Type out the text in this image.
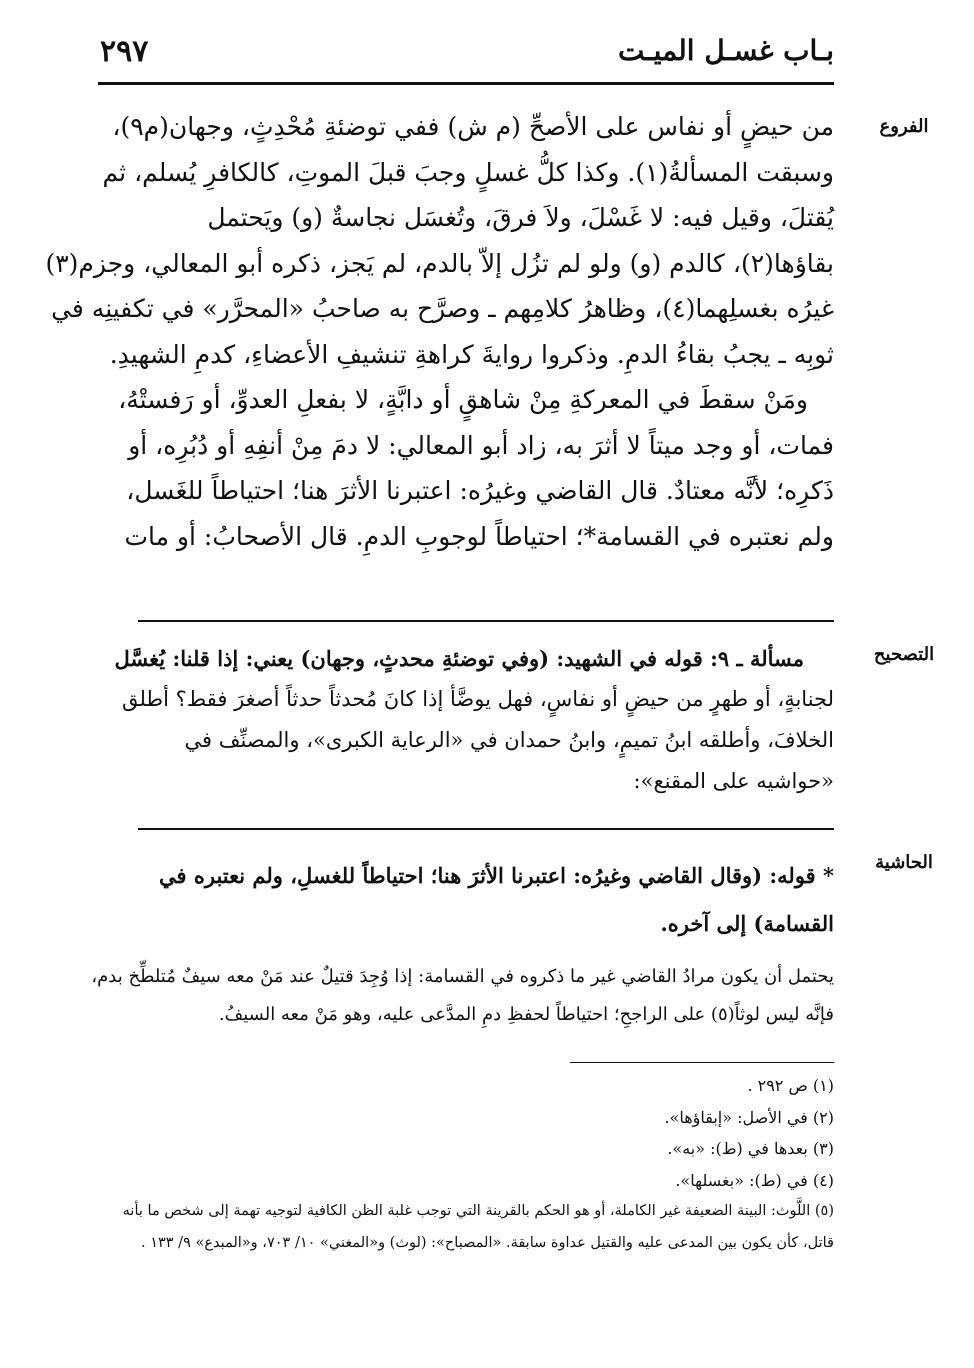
٢٩٧	بـاب غسـل الميـت
الفروع
من حيضٍ أو نفاس على الأصحِّ (م ش) ففي توضئةِ مُحْدِثٍ، وجهان(م٩)،
وسبقت المسألةُ(١). وكذا كلُّ غسلٍ وجبَ قبلَ الموتِ، كالكافرِ يُسلم، ثم
يُقتلَ، وقيل فيه: لا غَسْلَ، ولاَ فرقَ، وتُغسَل نجاسةٌ (و) ويَحتمل
بقاؤها(٢)، كالدم (و) ولو لم تزُل إلاّ بالدم، لم يَجز، ذكره أبو المعالي، وجزم(٣)
غيرُه بغسلِهما(٤)، وظاهرُ كلامِهم ـ وصرَّح به صاحبُ «المحرَّر» في تكفينِه في
ثوبِه ـ يجبُ بقاءُ الدمِ. وذكروا روايةَ كراهةِ تنشيفِ الأعضاءِ، كدمِ الشهيدِ.
ومَنْ سقطَ في المعركةِ مِنْ شاهقٍ أو دابَّةٍ، لا بفعلِ العدوِّ، أو رَفستْهُ،
فمات، أو وجد ميتاً لا أثرَ به، زاد أبو المعالي: لا دمَ مِنْ أنفِهِ أو دُبُرِه، أو
ذَكرِه؛ لأنَّه معتادٌ. قال القاضي وغيرُه: اعتبرنا الأثرَ هنا؛ احتياطاً للغَسل،
ولم نعتبره في القسامة*؛ احتياطاً لوجوبِ الدمِ. قال الأصحابُ: أو مات
التصحيح
مسألة ـ ٩: قوله في الشهيد: (وفي توضئةِ محدثٍ، وجهان) يعني: إذا قلنا: يُغسَّل
لجنابةٍ، أو طهرٍ من حيضٍ أو نفاسٍ، فهل يوضَّأ إذا كانَ مُحدثاً حدثاً أصغرَ فقط؟ أطلق
الخلافَ، وأطلقه ابنُ تميمٍ، وابنُ حمدان في «الرعاية الكبرى»، والمصنِّف في
«حواشيه على المقنع»:
الحاشية
* قوله: (وقال القاضي وغيرُه: اعتبرنا الأثرَ هنا؛ احتياطاً للغسلِ، ولم نعتبره في
القسامة) إلى آخره.
يحتمل أن يكون مرادُ القاضي غير ما ذكروه في القسامة: إذا وُجِدَ قتيلٌ عند مَنْ معه سيفٌ مُتلطِّخ بدم،
فإنَّه ليس لوثاً(٥) على الراجحِ؛ احتياطاً لحفظِ دمِ المدَّعى عليه، وهو مَنْ معه السيفُ.
(١) ص ٢٩٢ .
(٢) في الأصل: «إبقاؤها».
(٣) بعدها في (ط): «به».
(٤) في (ط): «بغسلها».
(٥) اللَّوث: البينة الضعيفة غير الكاملة، أو هو الحكم بالقرينة التي توجب غلبة الظن الكافية لتوجيه تهمة إلى شخص ما بأنه
قاتل، كأن يكون بين المدعى عليه والقتيل عداوة سابقة. «المصباح»: (لوث) و«المغني» ١٠/ ٧٠٣، و«المبدع» ٩/ ١٣٣ .
